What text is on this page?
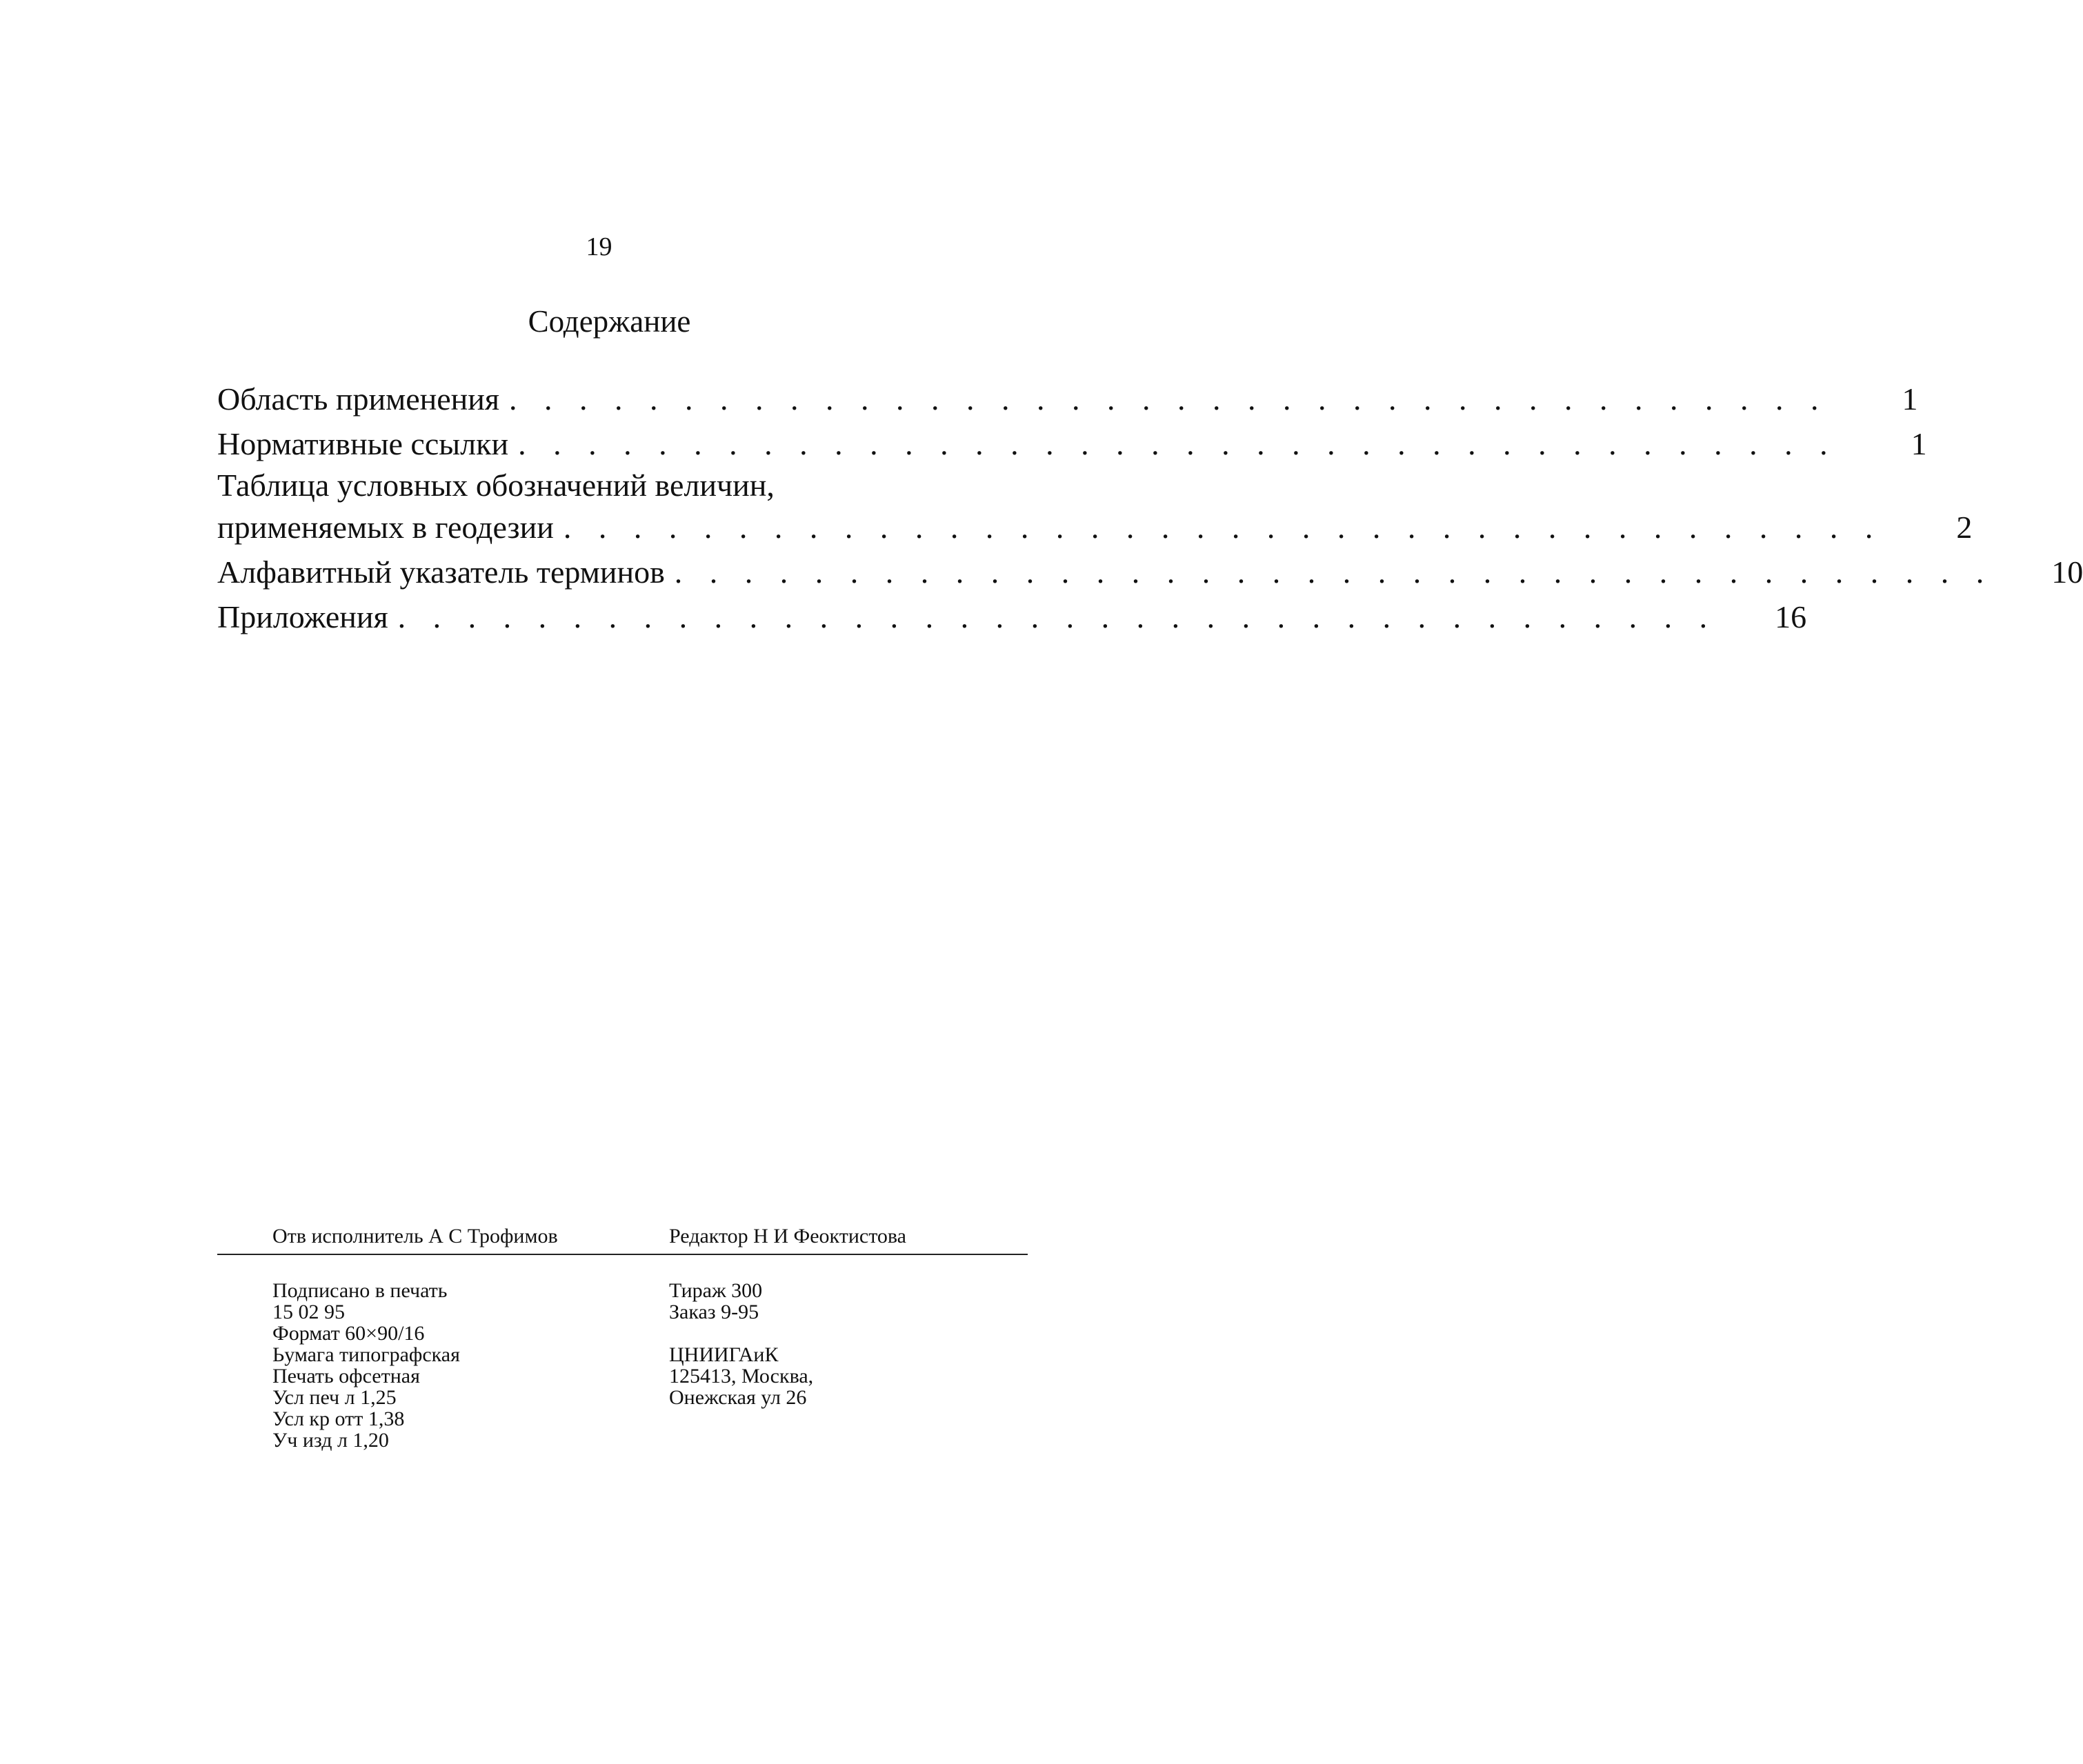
19
Содержание
Область применения . . . . . . . . . . . . . . . . . . . . . . . . . . . . . . . . . . . . . .	1
Нормативные ссылки . . . . . . . . . . . . . . . . . . . . . . . . . . . . . . . . . . . . . .	1
Таблица условных обозначений величин,
применяемых в геодезии . . . . . . . . . . . . . . . . . . . . . . . . . . . . . . . . . . . . . .	2
Алфавитный указатель терминов . . . . . . . . . . . . . . . . . . . . . . . . . . . . . . . . . . . . . .	10
Приложения . . . . . . . . . . . . . . . . . . . . . . . . . . . . . . . . . . . . . .	16
Отв исполнитель А С Трофимов	Редактор Н И Феоктистова
Подписано в печать
15 02 95
Формат 60×90/16
Ьумага типографская
Печать офсетная
Усл печ л 1,25
Усл кр отт 1,38
Уч изд л 1,20
Тираж 300
Заказ 9-95
ЦНИИГАиК
125413, Москва,
Онежская ул 26
